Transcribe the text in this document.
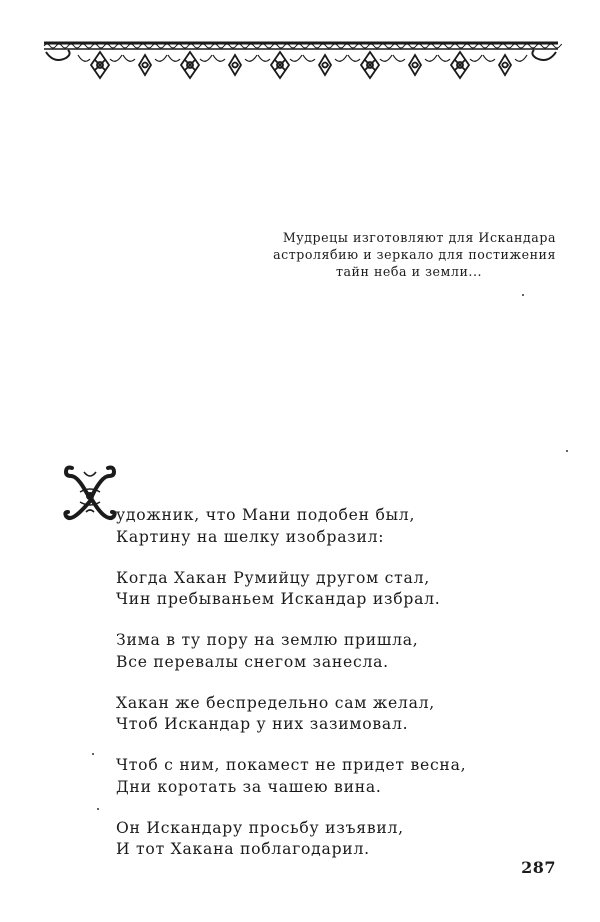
Мудрецы изготовляют для Искандара
астролябию и зеркало для постижения
тайн неба и земли...
удожник, что Мани подобен был,
Картину на шелку изобразил:
Когда Хакан Румийцу другом стал,
Чин пребываньем Искандар избрал.
Зима в ту пору на землю пришла,
Все перевалы снегом занесла.
Хакан же беспредельно сам желал,
Чтоб Искандар у них зазимовал.
Чтоб с ним, покамест не придет весна,
Дни коротать за чашею вина.
Он Искандару просьбу изъявил,
И тот Хакана поблагодарил.
287
